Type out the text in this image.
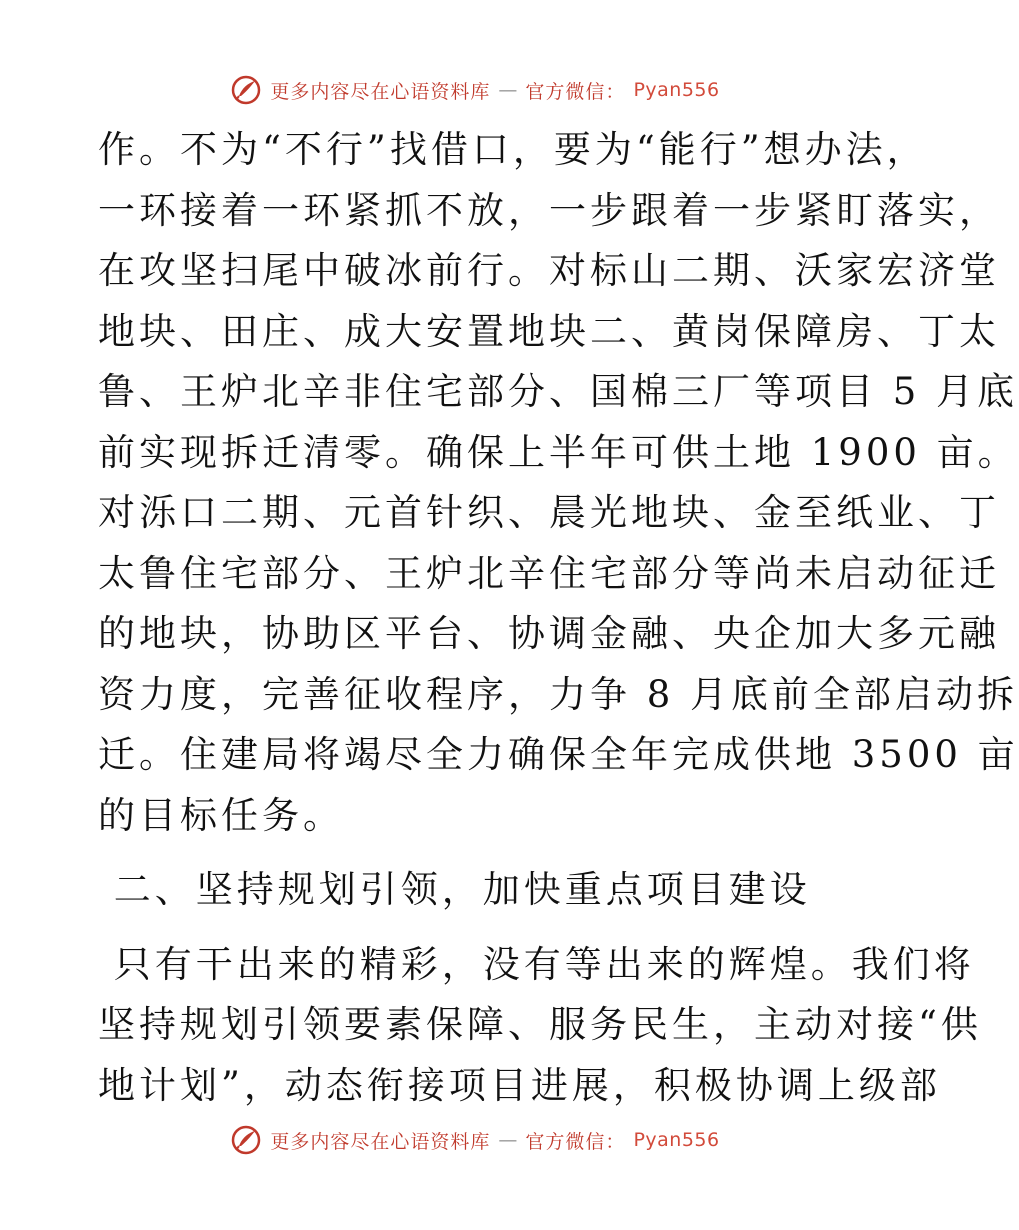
更多内容尽在心语资料库 — 官方微信： Pyan556
作。不为“不行”找借口，要为“能行”想办法，
一环接着一环紧抓不放，一步跟着一步紧盯落实，
在攻坚扫尾中破冰前行。对标山二期、沃家宏济堂
地块、田庄、成大安置地块二、黄岗保障房、丁太
鲁、王炉北辛非住宅部分、国棉三厂等项目 5 月底
前实现拆迁清零。确保上半年可供土地 1900 亩。
对泺口二期、元首针织、晨光地块、金至纸业、丁
太鲁住宅部分、王炉北辛住宅部分等尚未启动征迁
的地块，协助区平台、协调金融、央企加大多元融
资力度，完善征收程序，力争 8 月底前全部启动拆
迁。住建局将竭尽全力确保全年完成供地 3500 亩
的目标任务。
二、坚持规划引领，加快重点项目建设
只有干出来的精彩，没有等出来的辉煌。我们将
坚持规划引领要素保障、服务民生，主动对接“供
地计划”，动态衔接项目进展，积极协调上级部
更多内容尽在心语资料库 — 官方微信： Pyan556
